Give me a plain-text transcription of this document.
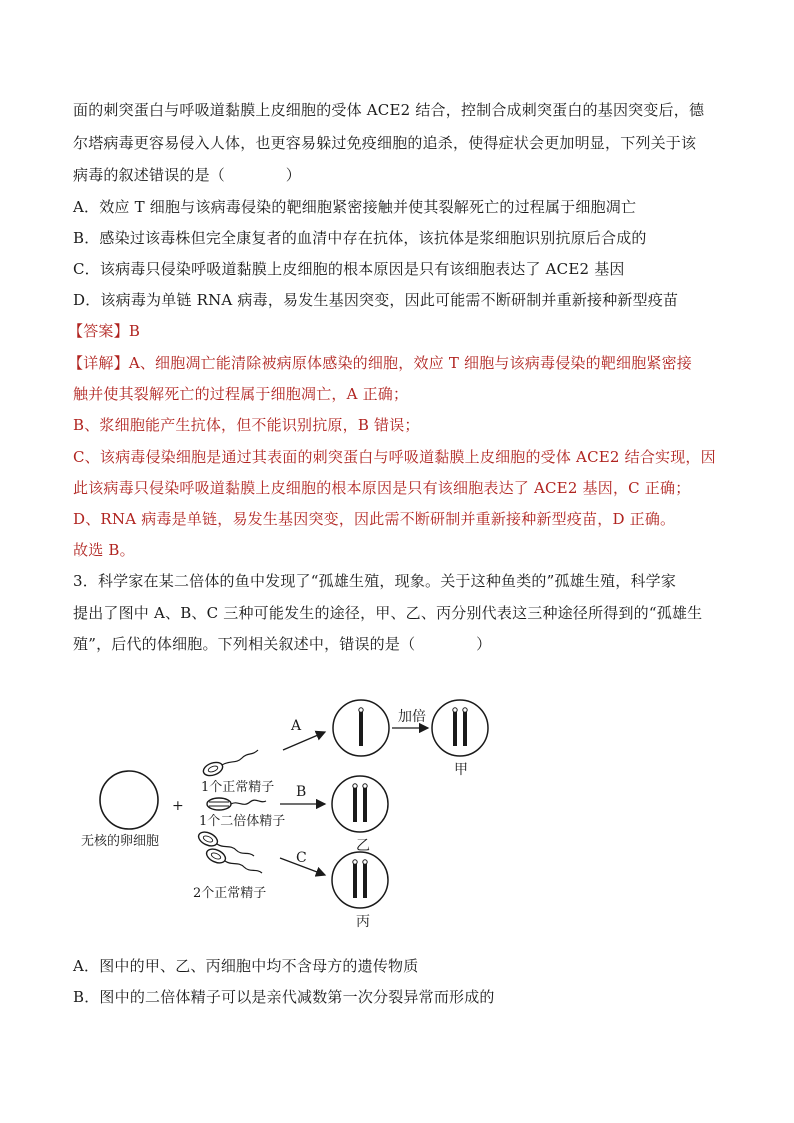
面的刺突蛋白与呼吸道黏膜上皮细胞的受体 ACE2 结合，控制合成刺突蛋白的基因突变后，德
尔塔病毒更容易侵入人体，也更容易躲过免疫细胞的追杀，使得症状会更加明显，下列关于该
病毒的叙述错误的是（　　　　）
A．效应 T 细胞与该病毒侵染的靶细胞紧密接触并使其裂解死亡的过程属于细胞凋亡
B．感染过该毒株但完全康复者的血清中存在抗体，该抗体是浆细胞识别抗原后合成的
C．该病毒只侵染呼吸道黏膜上皮细胞的根本原因是只有该细胞表达了 ACE2 基因
D．该病毒为单链 RNA 病毒，易发生基因突变，因此可能需不断研制并重新接种新型疫苗
【答案】B
【详解】A、细胞凋亡能清除被病原体感染的细胞，效应 T 细胞与该病毒侵染的靶细胞紧密接
触并使其裂解死亡的过程属于细胞凋亡，A 正确；
B、浆细胞能产生抗体，但不能识别抗原，B 错误；
C、该病毒侵染细胞是通过其表面的刺突蛋白与呼吸道黏膜上皮细胞的受体 ACE2 结合实现，因
此该病毒只侵染呼吸道黏膜上皮细胞的根本原因是只有该细胞表达了 ACE2 基因，C 正确；
D、RNA 病毒是单链，易发生基因突变，因此需不断研制并重新接种新型疫苗，D 正确。
故选 B。
3．科学家在某二倍体的鱼中发现了“孤雄生殖，现象。关于这种鱼类的”孤雄生殖，科学家
提出了图中 A、B、C 三种可能发生的途径，甲、乙、丙分别代表这三种途径所得到的“孤雄生
殖”，后代的体细胞。下列相关叙述中，错误的是（　　　　）
+
A
B
C
加倍
甲
乙
丙
无核的卵细胞
1个正常精子
1个二倍体精子
2个正常精子
A．图中的甲、乙、丙细胞中均不含母方的遗传物质
B．图中的二倍体精子可以是亲代减数第一次分裂异常而形成的
